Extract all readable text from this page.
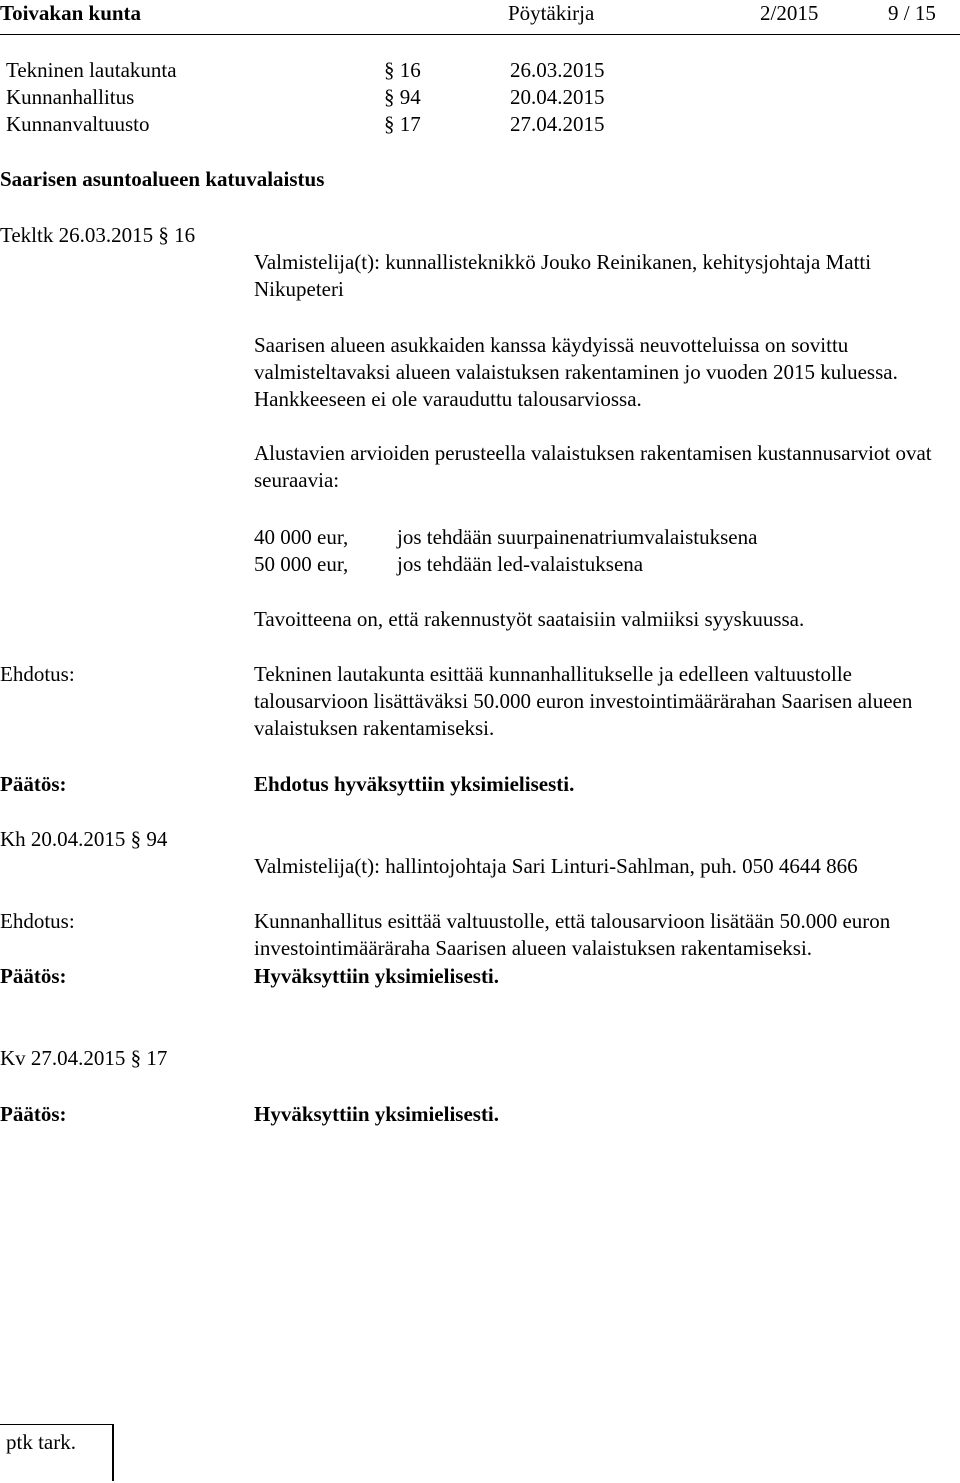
Toivakan kunta	Pöytäkirja	2/2015	9 / 15
Tekninen lautakunta	§ 16	26.03.2015
Kunnanhallitus	§ 94	20.04.2015
Kunnanvaltuusto	§ 17	27.04.2015
Saarisen asuntoalueen katuvalaistus
Tekltk 26.03.2015 § 16
Valmistelija(t): kunnallisteknikkö Jouko Reinikanen, kehitysjohtaja Matti Nikupeteri
Saarisen alueen asukkaiden kanssa käydyissä neuvotteluissa on sovittu valmisteltavaksi alueen valaistuksen rakentaminen jo vuoden 2015 kuluessa. Hankkeeseen ei ole varauduttu talousarviossa.
Alustavien arvioiden perusteella valaistuksen rakentamisen kustannusarviot ovat seuraavia:
40 000 eur, jos tehdään suurpainenatriumvalaistuksena
50 000 eur, jos tehdään led-valaistuksena
Tavoitteena on, että rakennustyöt saataisiin valmiiksi syyskuussa.
Ehdotus:	Tekninen lautakunta esittää kunnanhallitukselle ja edelleen valtuustolle talousarvioon lisättäväksi 50.000 euron investointimäärärahan Saarisen alueen valaistuksen rakentamiseksi.
Päätös:	Ehdotus hyväksyttiin yksimielisesti.
Kh 20.04.2015 § 94
Valmistelija(t): hallintojohtaja Sari Linturi-Sahlman, puh. 050 4644 866
Ehdotus:	Kunnanhallitus esittää valtuustolle, että talousarvioon lisätään 50.000 euron investointimääräraha Saarisen alueen valaistuksen rakentamiseksi.
Päätös:	Hyväksyttiin yksimielisesti.
Kv 27.04.2015 § 17
Päätös:	Hyväksyttiin yksimielisesti.
ptk tark.
